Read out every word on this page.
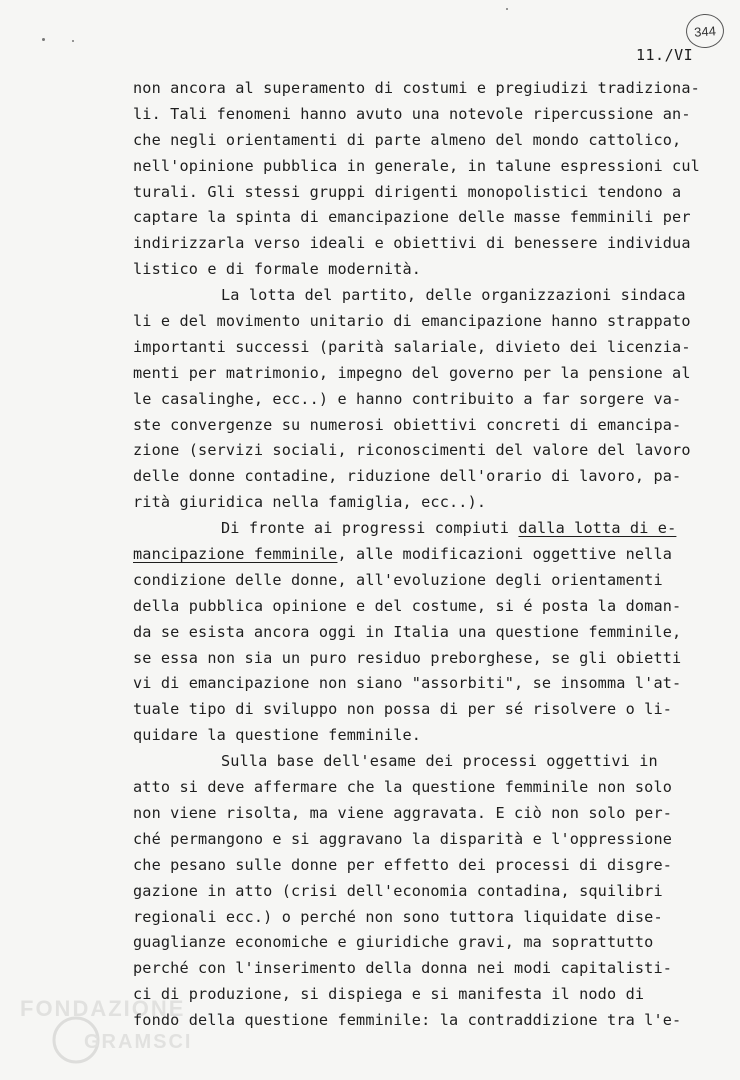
344
11./VI
non ancora al superamento di costumi e pregiudizi tradiziona-
li. Tali fenomeni hanno avuto una notevole ripercussione an-
che negli orientamenti di parte almeno del mondo cattolico,
nell'opinione pubblica in generale, in talune espressioni cul
turali. Gli stessi gruppi dirigenti monopolistici tendono a
captare la spinta di emancipazione delle masse femminili per
indirizzarla verso ideali e obiettivi di benessere individua
listico e di formale modernità.
La lotta del partito, delle organizzazioni sindaca
li e del movimento unitario di emancipazione hanno strappato
importanti successi (parità salariale, divieto dei licenzia-
menti per matrimonio, impegno del governo per la pensione al
le casalinghe, ecc..) e hanno contribuito a far sorgere va-
ste convergenze su numerosi obiettivi concreti di emancipa-
zione (servizi sociali, riconoscimenti del valore del lavoro
delle donne contadine, riduzione dell'orario di lavoro, pa-
rità giuridica nella famiglia, ecc..).
Di fronte ai progressi compiuti dalla lotta di e-
mancipazione femminile, alle modificazioni oggettive nella
condizione delle donne, all'evoluzione degli orientamenti
della pubblica opinione e del costume, si é posta la doman-
da se esista ancora oggi in Italia una questione femminile,
se essa non sia un puro residuo preborghese, se gli obietti
vi di emancipazione non siano "assorbiti", se insomma l'at-
tuale tipo di sviluppo non possa di per sé risolvere o li-
quidare la questione femminile.
Sulla base dell'esame dei processi oggettivi in
atto si deve affermare che la questione femminile non solo
non viene risolta, ma viene aggravata. E ciò non solo per-
ché permangono e si aggravano la disparità e l'oppressione
che pesano sulle donne per effetto dei processi di disgre-
gazione in atto (crisi dell'economia contadina, squilibri
regionali ecc.) o perché non sono tuttora liquidate dise-
guaglianze economiche e giuridiche gravi, ma soprattutto
perché con l'inserimento della donna nei modi capitalisti-
ci di produzione, si dispiega e si manifesta il nodo di
fondo della questione femminile: la contraddizione tra l'e-
FONDAZIONE
GRAMSCI
